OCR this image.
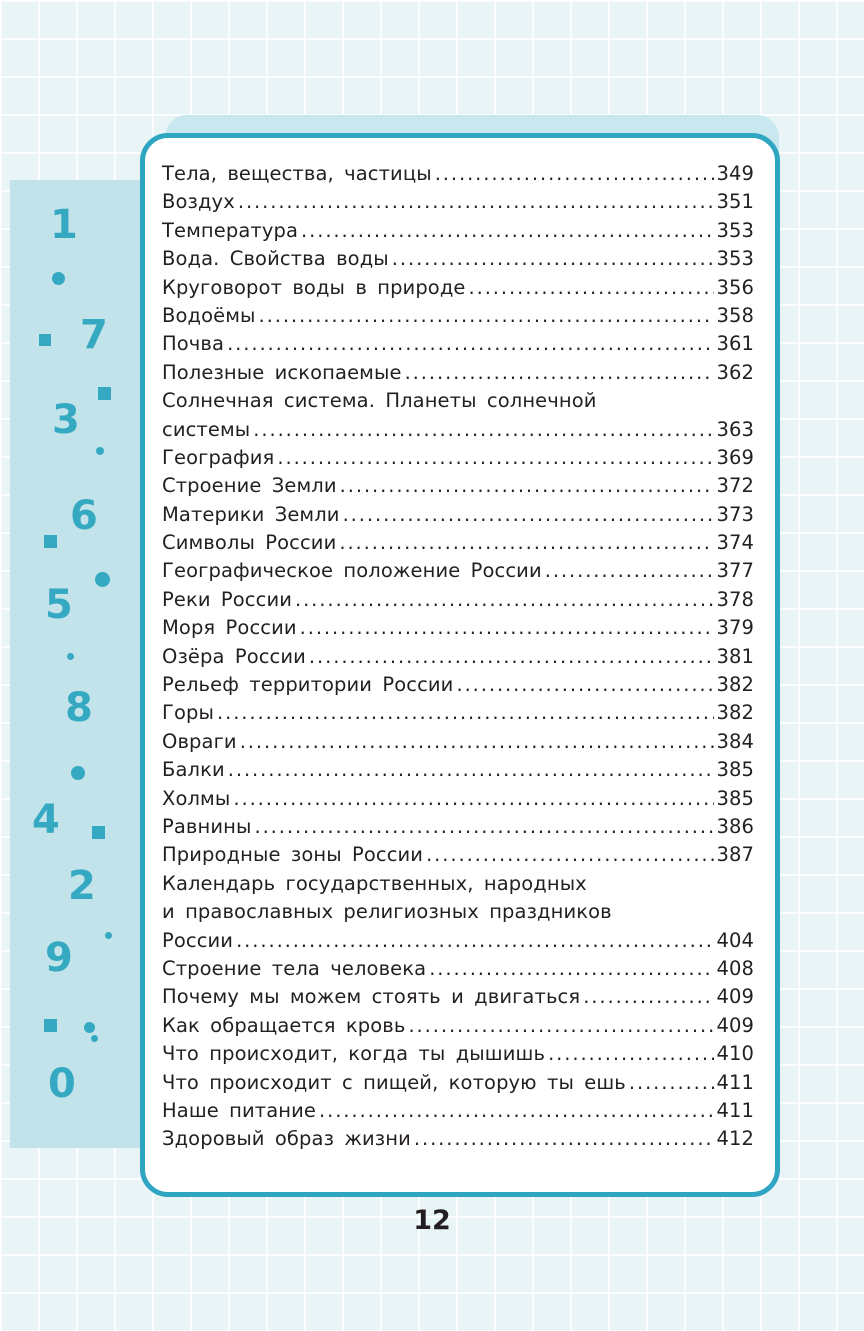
1
7
3
6
5
8
4
2
9
0
Тела, вещества, частицы .....	349
Воздух .....	351
Температура .....	353
Вода. Свойства воды .....	353
Круговорот воды в природе .....	356
Водоёмы .....	358
Почва .....	361
Полезные ископаемые .....	362
Солнечная система. Планеты солнечной
системы .....	363
География .....	369
Строение Земли .....	372
Материки Земли .....	373
Символы России .....	374
Географическое положение России .....	377
Реки России .....	378
Моря России .....	379
Озёра России .....	381
Рельеф территории России .....	382
Горы .....	382
Овраги .....	384
Балки .....	385
Холмы .....	385
Равнины .....	386
Природные зоны России .....	387
Календарь государственных, народных
и православных религиозных праздников
России .....	404
Строение тела человека .....	408
Почему мы можем стоять и двигаться .....	409
Как обращается кровь .....	409
Что происходит, когда ты дышишь .....	410
Что происходит с пищей, которую ты ешь .....	411
Наше питание .....	411
Здоровый образ жизни .....	412
12
